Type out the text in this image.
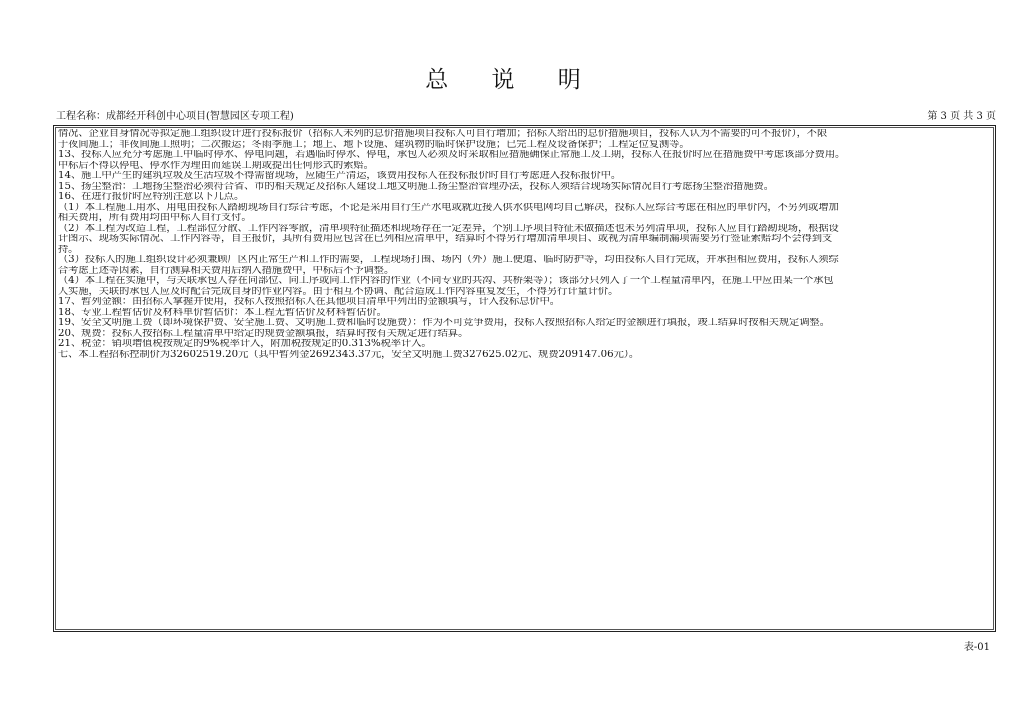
总 说 明
工程名称：成都经开科创中心项目(智慧园区专项工程)	第 3 页 共 3 页
情况、企业自身情况等拟定施工组织设计进行投标报价（招标人未列的总价措施项目投标人可自行增加；招标人给出的总价措施项目，投标人认为不需要的可不报价），不限
于夜间施工；非夜间施工照明；二次搬运；冬雨季施工；地上、地下设施、建筑物的临时保护设施；已完工程及设备保护；工程定位复测等。
13、投标人应充分考虑施工中临时停水、停电问题，若遇临时停水、停电，承包人必须及时采取相应措施确保正常施工及工期，投标人在报价时应在措施费中考虑该部分费用。
中标后不得以停电、停水作为理由而延误工期或提出任何形式的索赔。
14、施工中产生的建筑垃圾及生活垃圾不得需留现场，应随生产清运，该费用投标人在投标报价时自行考虑进入投标报价中。
15、扬尘整治：工地扬尘整治必须符合省、市的相关规定及招标人建设工地文明施工扬尘整治管理办法，投标人须结合现场实际情况自行考虑扬尘整治措施费。
16、在进行报价时应特别注意以下几点。
（1）本工程施工用水、用电由投标人踏勘现场自行综合考虑，不论是采用自行生产水电或就近接入供水供电网均自己解决，投标人应综合考虑在相应的单价内，不另列或增加
相关费用，所有费用均由中标人自行支付。
（2）本工程为改造工程，工程部位分散、工作内容零散，清单项特征描述和现场存在一定差异，个别工序项目特征未做描述也未另列清单项，投标人应自行踏勘现场，根据设
计图示、现场实际情况、工作内容等，自主报价，其所有费用应包含在已列相应清单中，结算时不得另行增加清单项目、或视为清单编制漏项需要另行签证索赔均不会得到支
持。
（3）投标人的施工组织设计必须兼顾厂区内正常生产和工作的需要，工程现场打围、场内（外）施工便道、临时防护等，均由投标人自行完成，并承担相应费用，投标人须综
合考虑上述等因素，自行测算相关费用后纳入措施费中，中标后不予调整。
（4）本工程在实施中，与关联承包人存在同部位、同工序或同工作内容的作业（不同专业的共沟、共桥架等）；该部分只列入了一个工程量清单内，在施工中应由某一个承包
人实施，关联的承包人应及时配合完成自身的作业内容。由于相互不协调、配合造成工作内容重复发生，不得另行计量计价。
17、暂列金额：由招标人掌握并使用，投标人按照招标人在其他项目清单中列出的金额填写，计入投标总价中。
18、专业工程暂估价及材料单价暂估价：本工程无暂估价及材料暂估价。
19、安全文明施工费（即环境保护费、安全施工费、文明施工费和临时设施费）：作为不可竞争费用，投标人按照招标人给定的金额进行填报，竣工结算时按相关规定调整。
20、规费：投标人按招标工程量清单中给定的规费金额填报，结算时按有关规定进行结算。
21、税金：销项增值税按规定的9%税率计入，附加税按规定的0.313%税率计入。
七、本工程招标控制价为32602519.20元（其中暂列金2692343.37元，安全文明施工费327625.02元、规费209147.06元）。
表-01
